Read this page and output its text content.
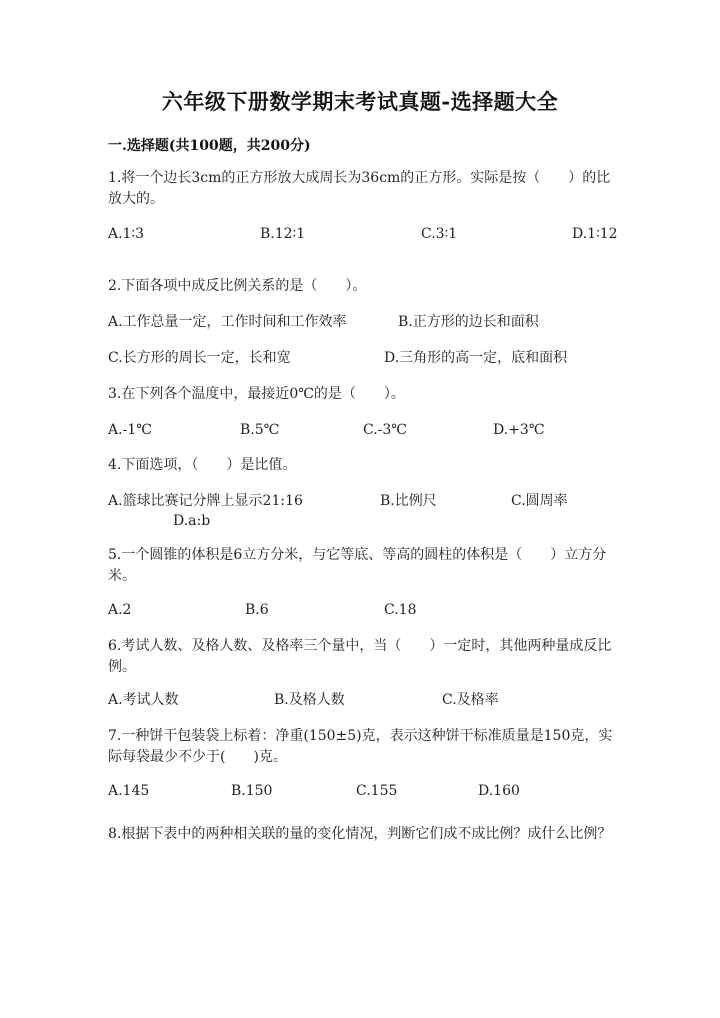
六年级下册数学期末考试真题-选择题大全
一.选择题(共100题，共200分)
1.将一个边长3cm的正方形放大成周长为36cm的正方形。实际是按（　　）的比放大的。
A.1∶3	B.12∶1	C.3∶1	D.1∶12
2.下面各项中成反比例关系的是（　　）。
A.工作总量一定，工作时间和工作效率	B.正方形的边长和面积
C.长方形的周长一定，长和宽	D.三角形的高一定，底和面积
3.在下列各个温度中，最接近0℃的是（　　）。
A.-1℃	B.5℃	C.-3℃	D.+3℃
4.下面选项，（　　）是比值。
A.篮球比赛记分牌上显示21:16	B.比例尺	C.圆周率
D.a:b
5.一个圆锥的体积是6立方分米，与它等底、等高的圆柱的体积是（　　）立方分米。
A.2	B.6	C.18
6.考试人数、及格人数、及格率三个量中，当（　　）一定时，其他两种量成反比例。
A.考试人数	B.及格人数	C.及格率
7.一种饼干包装袋上标着：净重(150±5)克，表示这种饼干标准质量是150克，实际每袋最少不少于(　　)克。
A.145	B.150	C.155	D.160
8.根据下表中的两种相关联的量的变化情况，判断它们成不成比例？成什么比例？
